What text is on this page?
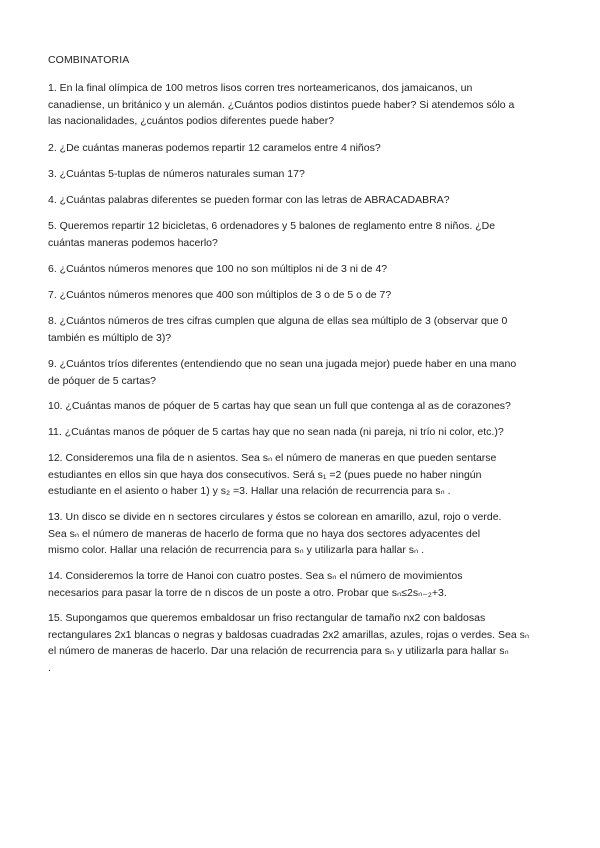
COMBINATORIA
1. En la final olímpica de 100 metros lisos corren tres norteamericanos, dos jamaicanos, un
canadiense, un británico y un alemán. ¿Cuántos podios distintos puede haber? Si atendemos sólo a
las nacionalidades, ¿cuántos podios diferentes puede haber?
2. ¿De cuántas maneras podemos repartir 12 caramelos entre 4 niños?
3. ¿Cuántas 5-tuplas de números naturales suman 17?
4. ¿Cuántas palabras diferentes se pueden formar con las letras de ABRACADABRA?
5. Queremos repartir 12 bicicletas, 6 ordenadores y 5 balones de reglamento entre 8 niños. ¿De
cuántas maneras podemos hacerlo?
6. ¿Cuántos números menores que 100 no son múltiplos ni de 3 ni de 4?
7. ¿Cuántos números menores que 400 son múltiplos de 3 o de 5 o de 7?
8. ¿Cuántos números de tres cifras cumplen que alguna de ellas sea múltiplo de 3 (observar que 0
también es múltiplo de 3)?
9. ¿Cuántos tríos diferentes (entendiendo que no sean una jugada mejor) puede haber en una mano
de póquer de 5 cartas?
10. ¿Cuántas manos de póquer de 5 cartas hay que sean un full que contenga al as de corazones?
11. ¿Cuántas manos de póquer de 5 cartas hay que no sean nada (ni pareja, ni trío ni color, etc.)?
12. Consideremos una fila de n asientos. Sea sₙ el número de maneras en que pueden sentarse
estudiantes en ellos sin que haya dos consecutivos. Será s₁ =2 (pues puede no haber ningún
estudiante en el asiento o haber 1) y s₂ =3. Hallar una relación de recurrencia para sₙ .
13. Un disco se divide en n sectores circulares y éstos se colorean en amarillo, azul, rojo o verde.
Sea sₙ el número de maneras de hacerlo de forma que no haya dos sectores adyacentes del
mismo color. Hallar una relación de recurrencia para sₙ y utilizarla para hallar sₙ .
14. Consideremos la torre de Hanoi con cuatro postes. Sea sₙ el número de movimientos
necesarios para pasar la torre de n discos de un poste a otro. Probar que sₙ≤2sₙ₋₂+3.
15. Supongamos que queremos embaldosar un friso rectangular de tamaño nx2 con baldosas
rectangulares 2x1 blancas o negras y baldosas cuadradas 2x2 amarillas, azules, rojas o verdes. Sea sₙ
el número de maneras de hacerlo. Dar una relación de recurrencia para sₙ y utilizarla para hallar sₙ
.
